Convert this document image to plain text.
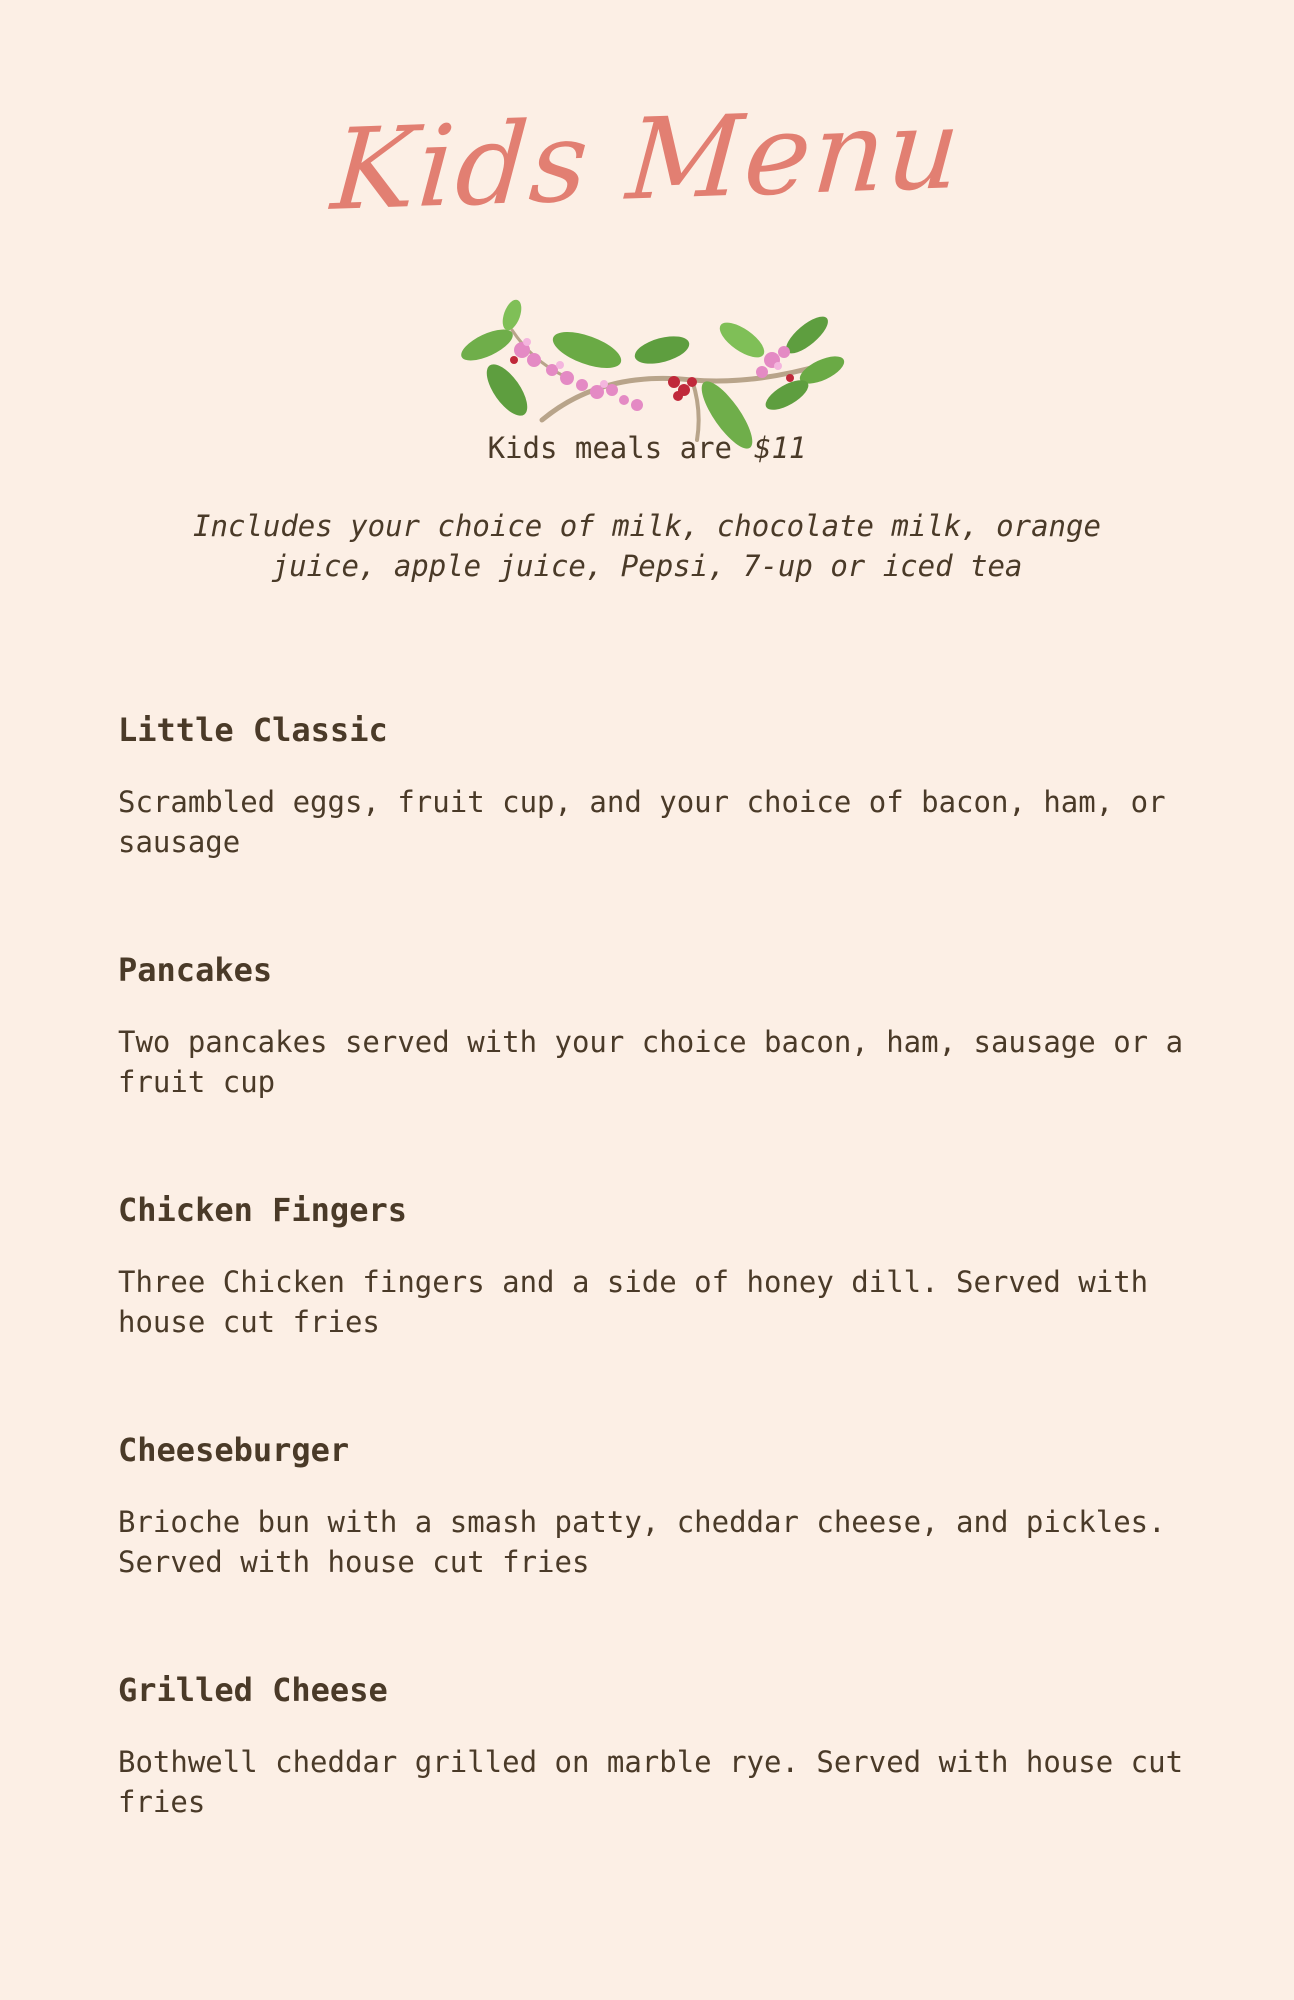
Kids Menu
Kids meals are $11
Includes your choice of milk, chocolate milk, orange juice, apple juice, Pepsi, 7-up or iced tea
Little Classic

Scrambled eggs, fruit cup, and your choice of bacon, ham, or sausage

Pancakes

Two pancakes served with your choice bacon, ham, sausage or a fruit cup

Chicken Fingers

Three Chicken fingers and a side of honey dill. Served with house cut fries

Cheeseburger

Brioche bun with a smash patty, cheddar cheese, and pickles. Served with house cut fries

Grilled Cheese

Bothwell cheddar grilled on marble rye. Served with house cut fries
